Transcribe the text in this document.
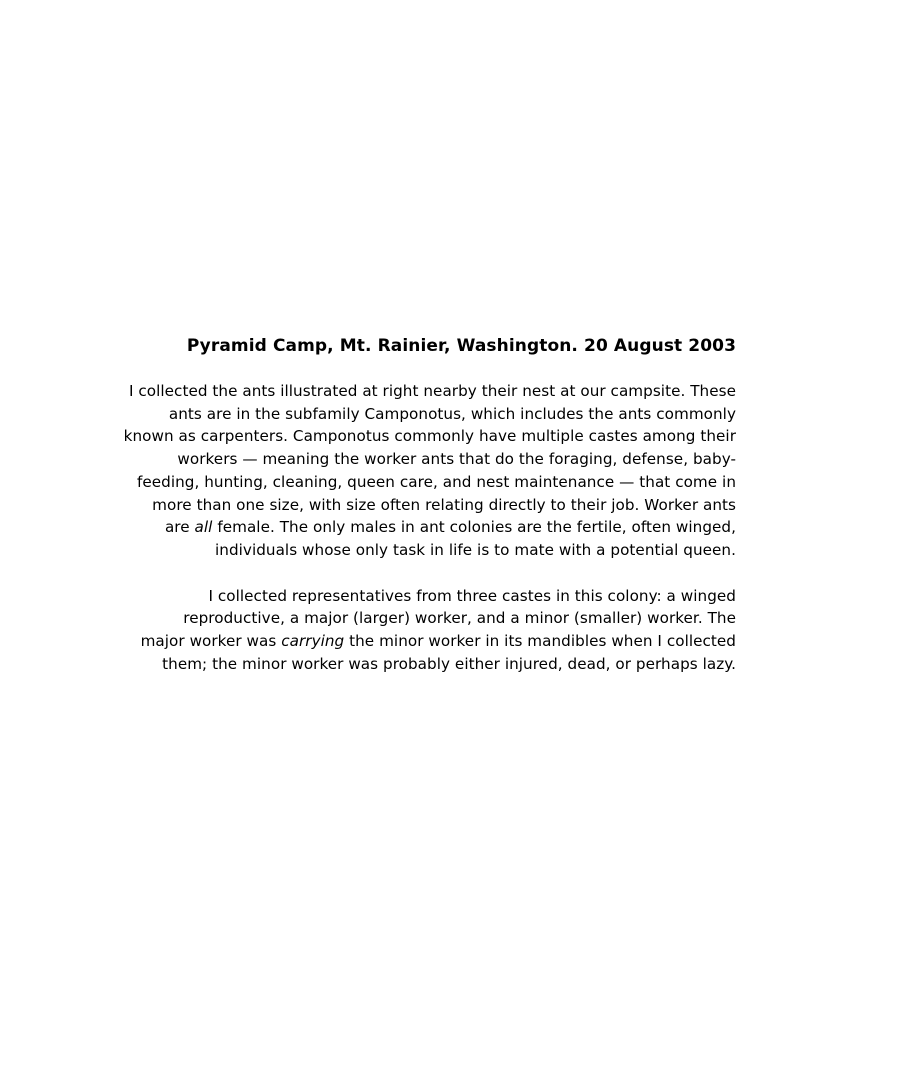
Pyramid Camp, Mt. Rainier, Washington. 20 August 2003

I collected the ants illustrated at right nearby their nest at our campsite. These
ants are in the subfamily Camponotus, which includes the ants commonly
known as carpenters. Camponotus commonly have multiple castes among their
workers — meaning the worker ants that do the foraging, defense, baby-
feeding, hunting, cleaning, queen care, and nest maintenance — that come in
more than one size, with size often relating directly to their job. Worker ants
are all female. The only males in ant colonies are the fertile, often winged,
individuals whose only task in life is to mate with a potential queen.

I collected representatives from three castes in this colony: a winged
reproductive, a major (larger) worker, and a minor (smaller) worker. The
major worker was carrying the minor worker in its mandibles when I collected
them; the minor worker was probably either injured, dead, or perhaps lazy.
